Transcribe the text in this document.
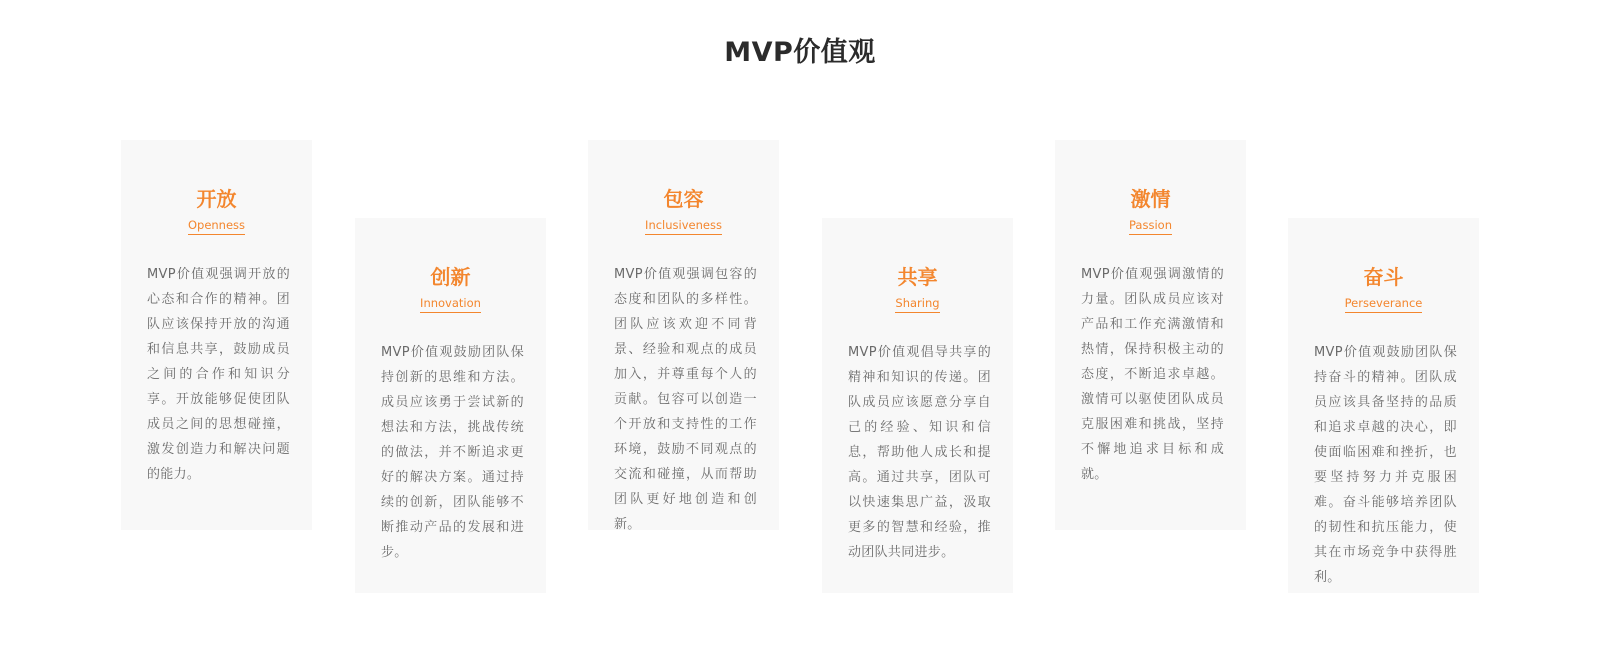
MVP价值观
开放
Openness
MVP价值观强调开放的心态和合作的精神。团队应该保持开放的沟通和信息共享，鼓励成员之间的合作和知识分享。开放能够促使团队成员之间的思想碰撞，激发创造力和解决问题的能力。
创新
Innovation
MVP价值观鼓励团队保持创新的思维和方法。成员应该勇于尝试新的想法和方法，挑战传统的做法，并不断追求更好的解决方案。通过持续的创新，团队能够不断推动产品的发展和进步。
包容
Inclusiveness
MVP价值观强调包容的态度和团队的多样性。团队应该欢迎不同背景、经验和观点的成员加入，并尊重每个人的贡献。包容可以创造一个开放和支持性的工作环境，鼓励不同观点的交流和碰撞，从而帮助团队更好地创造和创新。
共享
Sharing
MVP价值观倡导共享的精神和知识的传递。团队成员应该愿意分享自己的经验、知识和信息，帮助他人成长和提高。通过共享，团队可以快速集思广益，汲取更多的智慧和经验，推动团队共同进步。
激情
Passion
MVP价值观强调激情的力量。团队成员应该对产品和工作充满激情和热情，保持积极主动的态度，不断追求卓越。激情可以驱使团队成员克服困难和挑战，坚持不懈地追求目标和成就。
奋斗
Perseverance
MVP价值观鼓励团队保持奋斗的精神。团队成员应该具备坚持的品质和追求卓越的决心，即使面临困难和挫折，也要坚持努力并克服困难。奋斗能够培养团队的韧性和抗压能力，使其在市场竞争中获得胜利。
